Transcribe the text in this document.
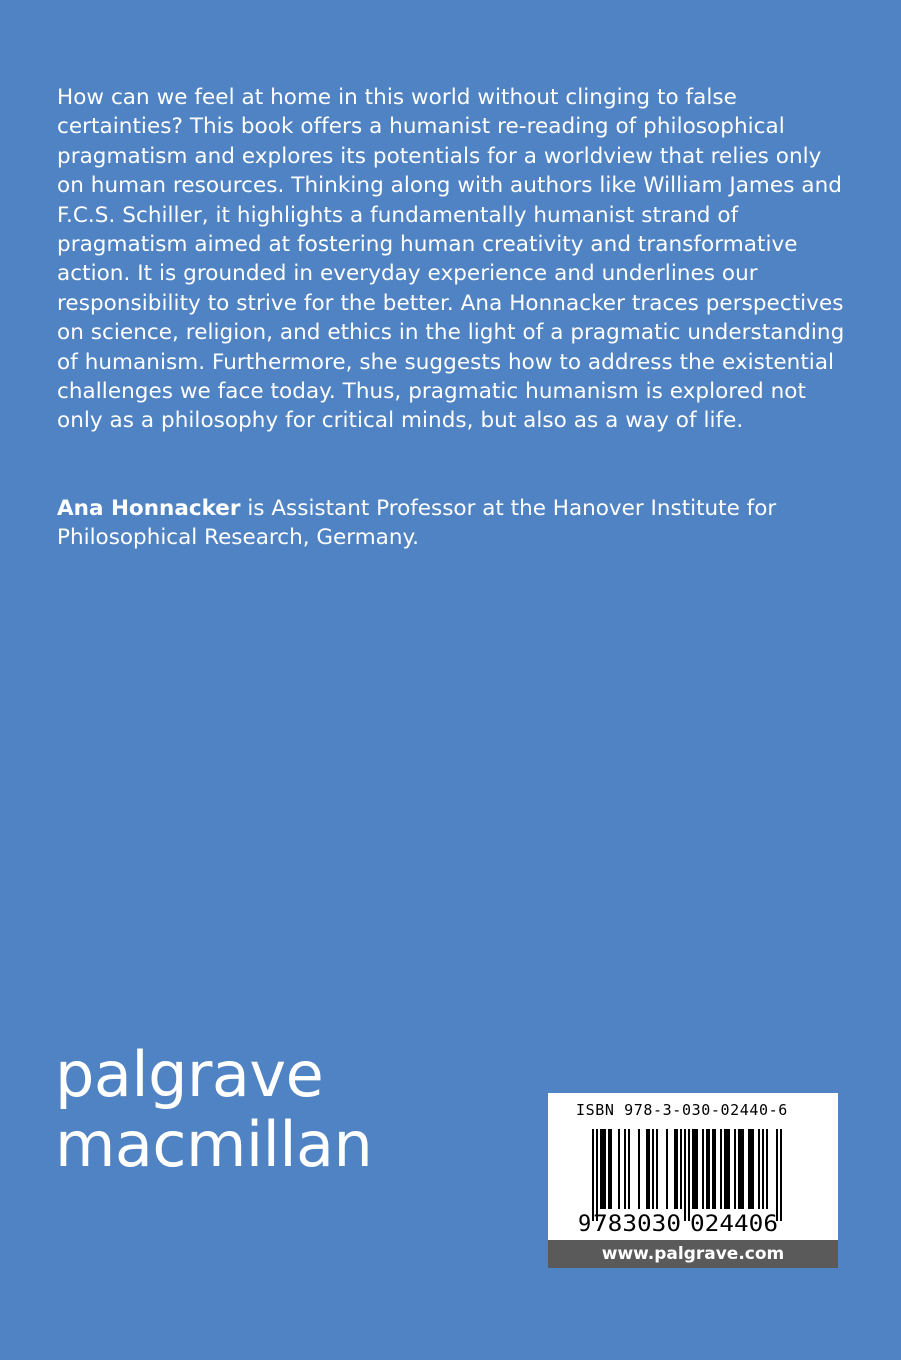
How can we feel at home in this world without clinging to false certainties? This book offers a humanist re-reading of philosophical pragmatism and explores its potentials for a worldview that relies only on human resources. Thinking along with authors like William James and F.C.S. Schiller, it highlights a fundamentally humanist strand of pragmatism aimed at fostering human creativity and transformative action. It is grounded in everyday experience and underlines our responsibility to strive for the better. Ana Honnacker traces perspectives on science, religion, and ethics in the light of a pragmatic understanding of humanism. Furthermore, she suggests how to address the existential challenges we face today. Thus, pragmatic humanism is explored not only as a philosophy for critical minds, but also as a way of life.

Ana Honnacker is Assistant Professor at the Hanover Institute for Philosophical Research, Germany.

palgrave
macmillan	ISBN 978-3-030-02440-6
9 783030 024406
www.palgrave.com
